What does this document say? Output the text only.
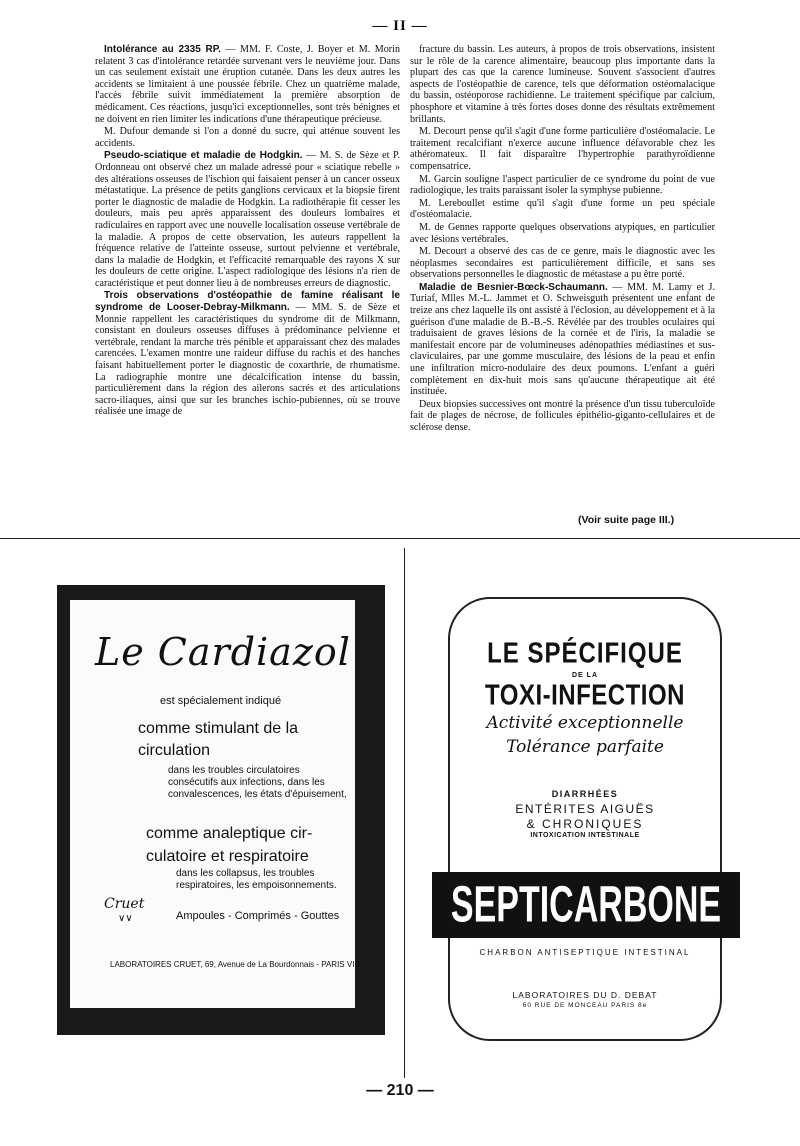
— II —

Intolérance au 2335 RP. — MM. F. Coste, J. Boyer et M. Morin relatent 3 cas d'intolérance retardée survenant vers le neuvième jour. Dans un cas seulement existait une éruption cutanée. Dans les deux autres les accidents se limitaient à une poussée fébrile. Chez un quatrième malade, l'accès fébrile suivit immédiatement la première absorption de médicament. Ces réactions, jusqu'ici exceptionnelles, sont très bénignes et ne doivent en rien limiter les indications d'une thérapeutique précieuse.

M. Dufour demande si l'on a donné du sucre, qui atténue souvent les accidents.

Pseudo-sciatique et maladie de Hodgkin. — M. S. de Sèze et P. Ordonneau ont observé chez un malade adressé pour « sciatique rebelle » des altérations osseuses de l'ischion qui faisaient penser à un cancer osseux métastatique. La présence de petits ganglions cervicaux et la biopsie firent porter le diagnostic de maladie de Hodgkin. La radiothérapie fit cesser les douleurs, mais peu après apparaissent des douleurs lombaires et radiculaires en rapport avec une nouvelle localisation osseuse vertébrale de la maladie. A propos de cette observation, les auteurs rappellent la fréquence relative de l'atteinte osseuse, surtout pelvienne et vertébrale, dans la maladie de Hodgkin, et l'efficacité remarquable des rayons X sur les douleurs de cette origine. L'aspect radiologique des lésions n'a rien de caractéristique et peut donner lieu à de nombreuses erreurs de diagnostic.

Trois observations d'ostéopathie de famine réalisant le syndrome de Looser-Debray-Milkmann. — MM. S. de Sèze et Monnie rappellent les caractéristiques du syndrome dit de Milkmann, consistant en douleurs osseuses diffuses à prédominance pelvienne et vertébrale, rendant la marche très pénible et apparaissant chez des malades carencées. L'examen montre une raideur diffuse du rachis et des hanches faisant habituellement porter le diagnostic de coxarthrie, de rhumatisme. La radiographie montre une décalcification intense du bassin, particulièrement dans la région des ailerons sacrés et des articulations sacro-iliaques, ainsi que sur les branches ischio-pubiennes, où se trouve réalisée une image de

fracture du bassin. Les auteurs, à propos de trois observations, insistent sur le rôle de la carence alimentaire, beaucoup plus importante dans la plupart des cas que la carence lumineuse. Souvent s'associent d'autres aspects de l'ostéopathie de carence, tels que déformation ostéomalacique du bassin, ostéoporose rachidienne. Le traitement spécifique par calcium, phosphore et vitamine à très fortes doses donne des résultats extrêmement brillants.

M. Decourt pense qu'il s'agit d'une forme particulière d'ostéomalacie. Le traitement recalcifiant n'exerce aucune influence défavorable chez les athéromateux. Il fait disparaître l'hypertrophie parathyroïdienne compensatrice.

M. Garcin souligne l'aspect particulier de ce syndrome du point de vue radiologique, les traits paraissant isoler la symphyse pubienne.

M. Lereboullet estime qu'il s'agit d'une forme un peu spéciale d'ostéomalacie.

M. de Gennes rapporte quelques observations atypiques, en particulier avec lésions vertébrales.

M. Decourt a observé des cas de ce genre, mais le diagnostic avec les néoplasmes secondaires est particulièrement difficile, et sans ses observations personnelles le diagnostic de métastase a pu être porté.

Maladie de Besnier-Bœck-Schaumann. — MM. M. Lamy et J. Turiaf, Mlles M.-L. Jammet et O. Schweisguth présentent une enfant de treize ans chez laquelle ils ont assisté à l'éclosion, au développement et à la guérison d'une maladie de B.-B.-S. Révélée par des troubles oculaires qui traduisaient de graves lésions de la cornée et de l'iris, la maladie se manifestait encore par de volumineuses adénopathies médiastines et sus-claviculaires, par une gomme musculaire, des lésions de la peau et enfin une infiltration micro-nodulaire des deux poumons. L'enfant a guéri complètement en dix-huit mois sans qu'aucune thérapeutique ait été instituée.

Deux biopsies successives ont montré la présence d'un tissu tuberculoïde fait de plages de nécrose, de follicules épithélio-giganto-cellulaires et de sclérose dense.

(Voir suite page III.)
Le Cardiazol
est spécialement indiqué
comme stimulant de la
circulation
dans les troubles circulatoires consécutifs aux infections, dans les convalescences, les états d'épuisement,
comme analeptique cir-
culatoire et respiratoire
dans les collapsus, les troubles respiratoires, les empoisonnements.
Cruet
∨∨	Ampoules - Comprimés - Gouttes
LABORATOIRES CRUET, 69, Avenue de La Bourdonnais - PARIS VIIe
LE SPÉCIFIQUE
DE LA
TOXI-INFECTION
Activité exceptionnelle
Tolérance parfaite
DIARRHÉES
ENTÉRITES AIGUËS
& CHRONIQUES
INTOXICATION INTESTINALE
SEPTICARBONE
CHARBON ANTISEPTIQUE INTESTINAL
LABORATOIRES DU D. DEBAT
60 RUE DE MONCEAU PARIS 8e
— 210 —
